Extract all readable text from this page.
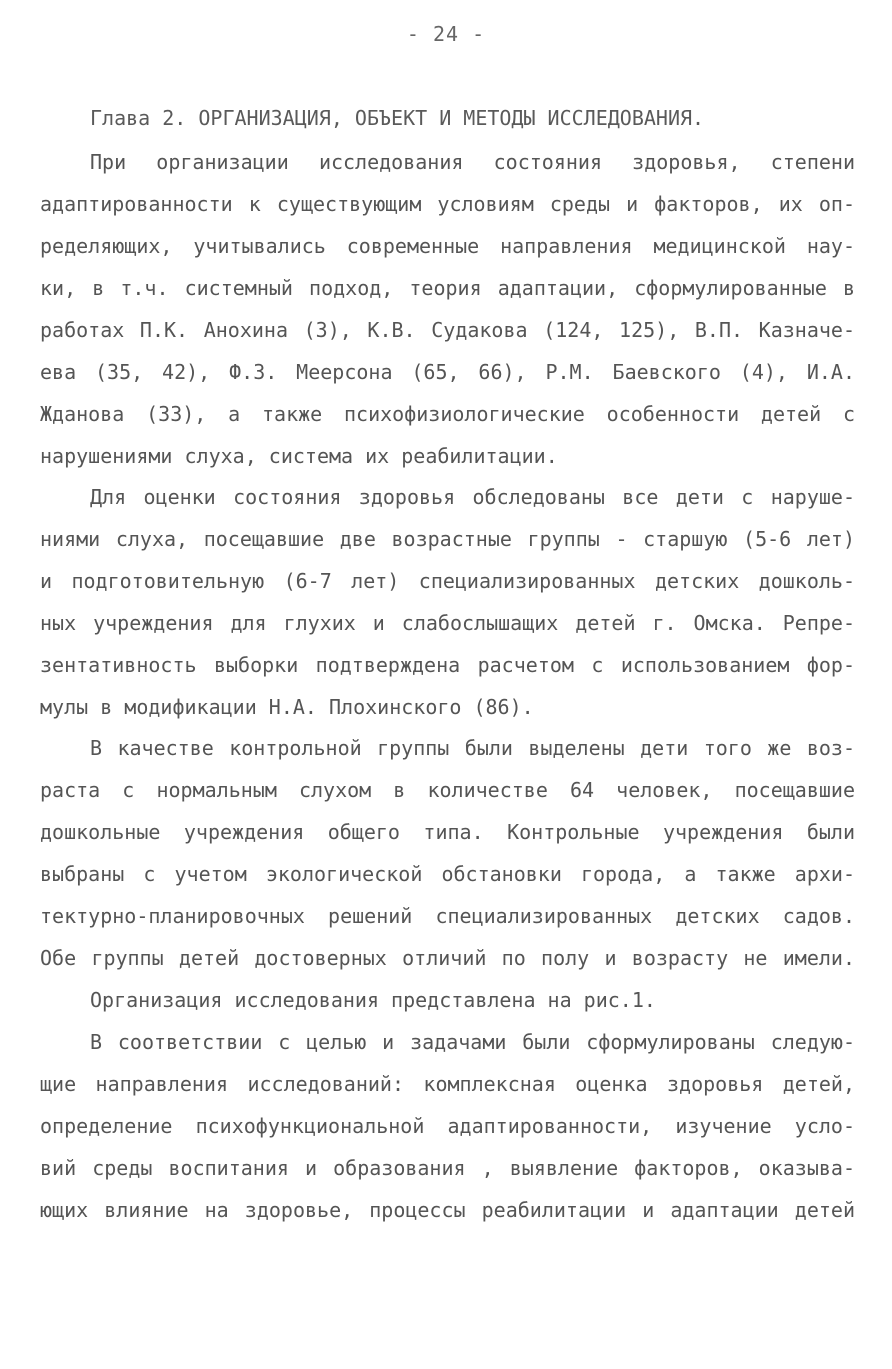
- 24 -
Глава 2. ОРГАНИЗАЦИЯ, ОБЪЕКТ И МЕТОДЫ ИССЛЕДОВАНИЯ.
При организации исследования состояния здоровья, степени
адаптированности к существующим условиям среды и факторов, их оп-
ределяющих, учитывались современные направления медицинской нау-
ки, в т.ч. системный подход, теория адаптации, сформулированные в
работах П.К. Анохина (3), К.В. Судакова (124, 125), В.П. Казначе-
ева (35, 42), Ф.З. Меерсона (65, 66), Р.М. Баевского (4), И.А.
Жданова (33), а также психофизиологические особенности детей с
нарушениями слуха, система их реабилитации.
Для оценки состояния здоровья обследованы все дети с наруше-
ниями слуха, посещавшие две возрастные группы - старшую (5-6 лет)
и подготовительную (6-7 лет) специализированных детских дошколь-
ных учреждения для глухих и слабослышащих детей г. Омска. Репре-
зентативность выборки подтверждена расчетом с использованием фор-
мулы в модификации Н.А. Плохинского (86).
В качестве контрольной группы были выделены дети того же воз-
раста с нормальным слухом в количестве 64 человек, посещавшие
дошкольные учреждения общего типа. Контрольные учреждения были
выбраны с учетом экологической обстановки города, а также архи-
тектурно-планировочных решений специализированных детских садов.
Обе группы детей достоверных отличий по полу и возрасту не имели.
Организация исследования представлена на рис.1.
В соответствии с целью и задачами были сформулированы следую-
щие направления исследований: комплексная оценка здоровья детей,
определение психофункциональной адаптированности, изучение усло-
вий среды воспитания и образования , выявление факторов, оказыва-
ющих влияние на здоровье, процессы реабилитации и адаптации детей
